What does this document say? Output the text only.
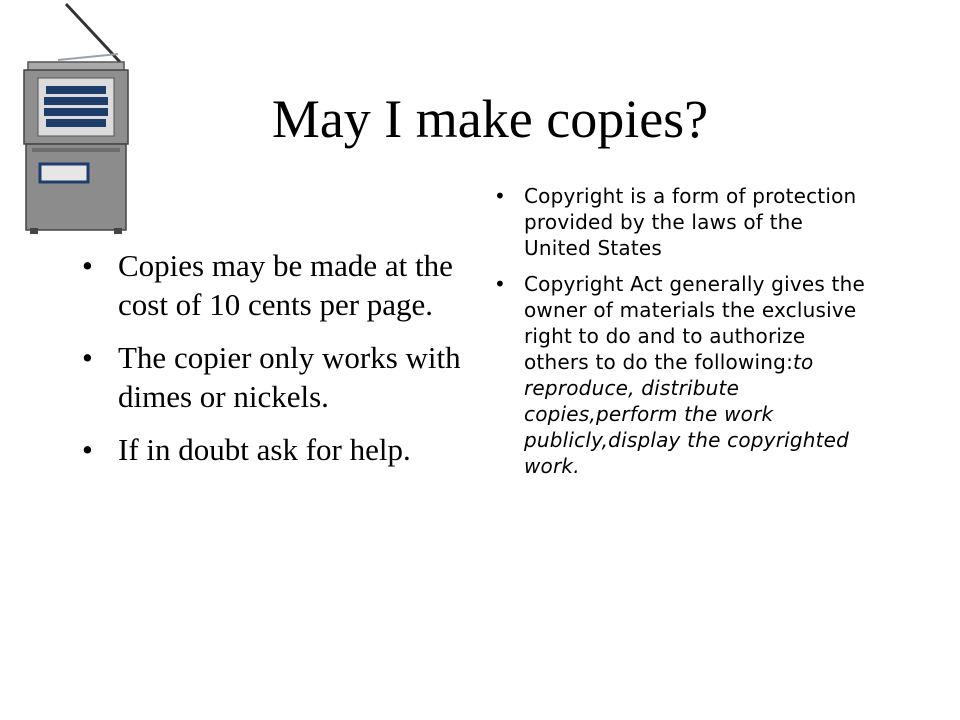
May I make copies?
• Copies may be made at the cost of 10 cents per page.
• The copier only works with dimes or nickels.
• If in doubt ask for help.
• Copyright is a form of protection provided by the laws of the United States
• Copyright Act generally gives the owner of materials the exclusive right to do and to authorize others to do the following:to reproduce, distribute copies,perform the work publicly,display the copyrighted work.
